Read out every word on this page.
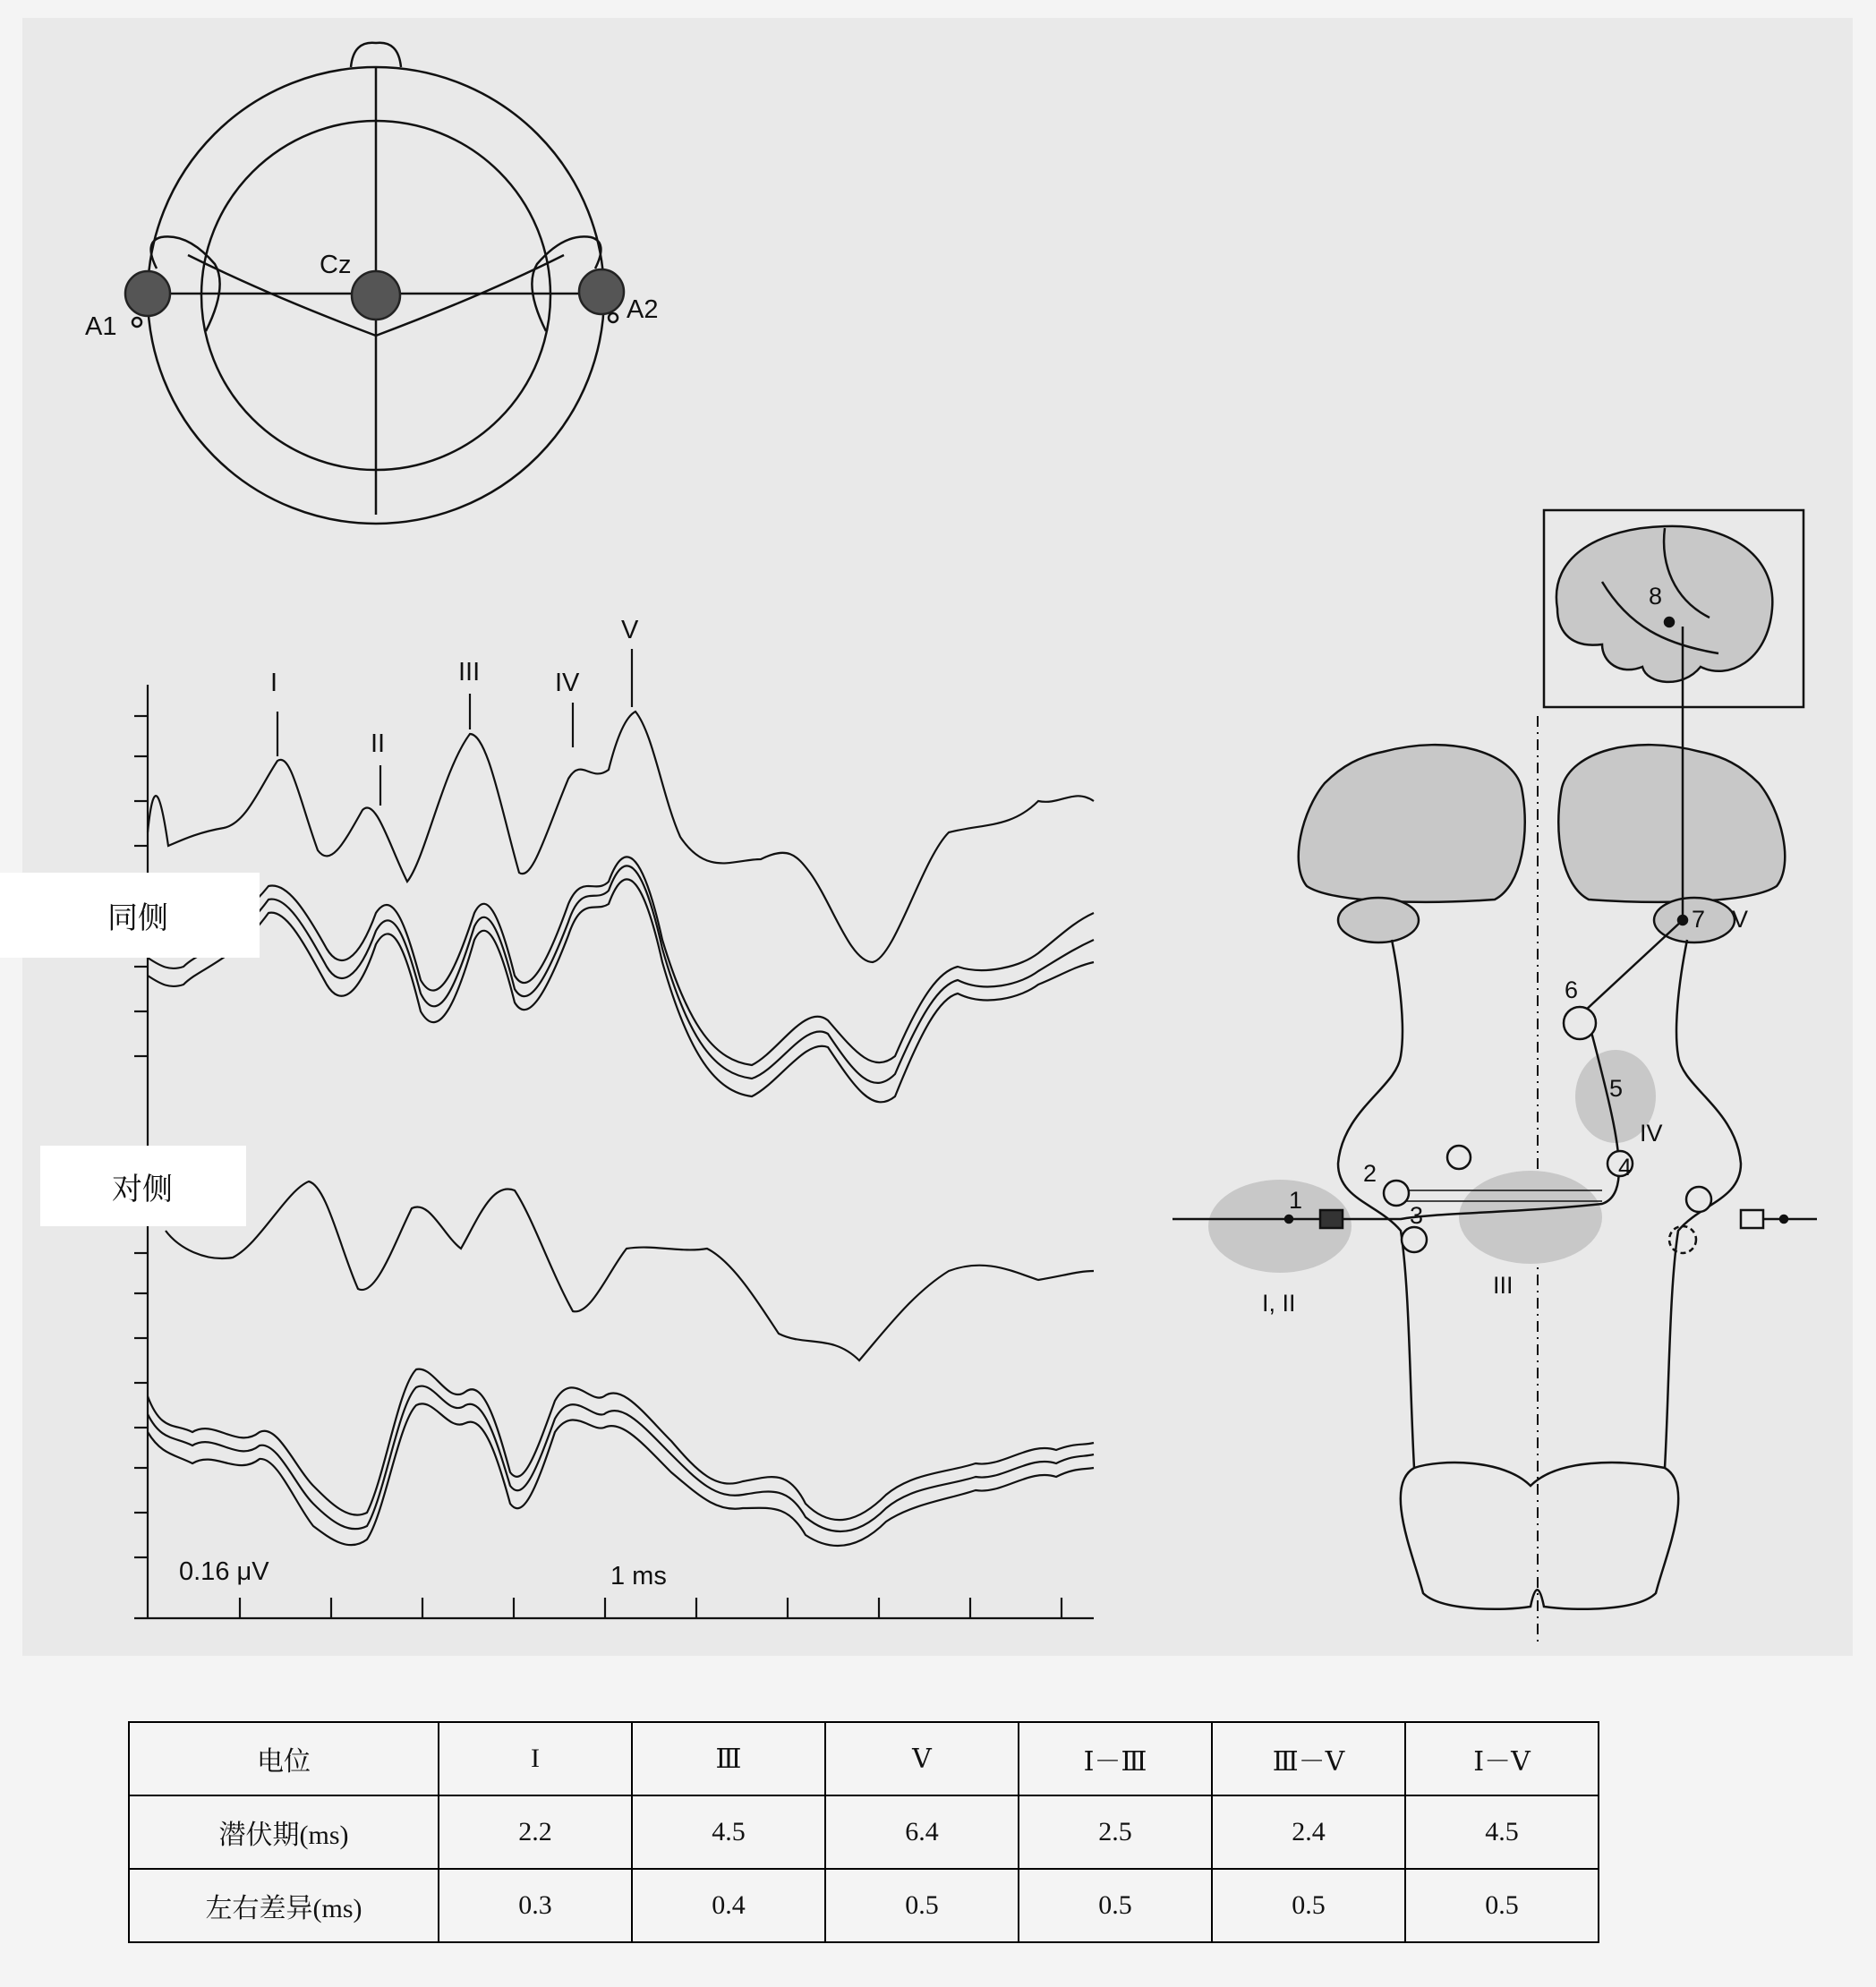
A1
Cz
A2
I
II
III	IV
V
0.16 μV	1 ms
1
2
3
4
5
6
7
8
I, II
III
IV
V
同侧
对侧
电位	I	Ⅲ	Ⅴ	Ⅰ－Ⅲ	Ⅲ－Ⅴ	Ⅰ－Ⅴ
潜伏期(ms)	2.2	4.5	6.4	2.5	2.4	4.5
左右差异(ms)	0.3	0.4	0.5	0.5	0.5	0.5
